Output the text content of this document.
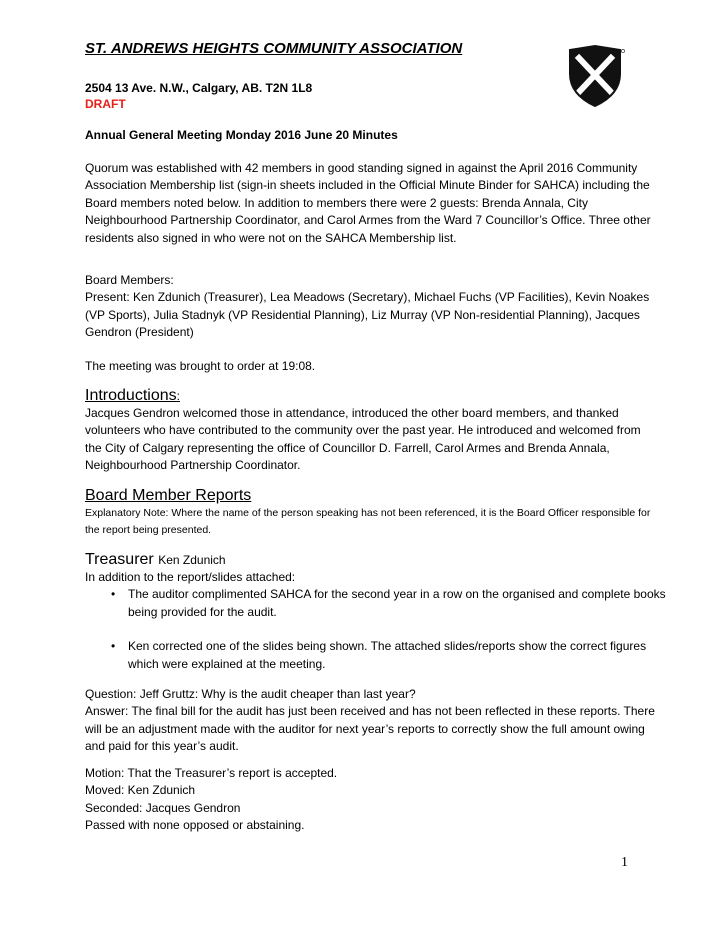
ST. ANDREWS HEIGHTS COMMUNITY ASSOCIATION
2504 13 Ave. N.W., Calgary, AB. T2N 1L8
DRAFT
Annual General Meeting Monday 2016 June 20 Minutes
Quorum was established with 42 members in good standing signed in against the April 2016 Community Association Membership list (sign-in sheets included in the Official Minute Binder for SAHCA) including the Board members noted below. In addition to members there were 2 guests: Brenda Annala, City Neighbourhood Partnership Coordinator, and Carol Armes from the Ward 7 Councillor’s Office. Three other residents also signed in who were not on the SAHCA Membership list.
Board Members:
Present: Ken Zdunich (Treasurer), Lea Meadows (Secretary), Michael Fuchs (VP Facilities), Kevin Noakes (VP Sports), Julia Stadnyk (VP Residential Planning), Liz Murray (VP Non-residential Planning), Jacques Gendron (President)
The meeting was brought to order at 19:08.
Introductions:
Jacques Gendron welcomed those in attendance, introduced the other board members, and thanked volunteers who have contributed to the community over the past year. He introduced and welcomed from the City of Calgary representing the office of Councillor D. Farrell, Carol Armes and Brenda Annala, Neighbourhood Partnership Coordinator.
Board Member Reports
Explanatory Note: Where the name of the person speaking has not been referenced, it is the Board Officer responsible for the report being presented.
Treasurer Ken Zdunich
In addition to the report/slides attached:
• The auditor complimented SAHCA for the second year in a row on the organised and complete books being provided for the audit.
• Ken corrected one of the slides being shown. The attached slides/reports show the correct figures which were explained at the meeting.
Question: Jeff Gruttz: Why is the audit cheaper than last year?
Answer: The final bill for the audit has just been received and has not been reflected in these reports. There will be an adjustment made with the auditor for next year’s reports to correctly show the full amount owing and paid for this year’s audit.
Motion: That the Treasurer’s report is accepted.
Moved: Ken Zdunich
Seconded: Jacques Gendron
Passed with none opposed or abstaining.
1
